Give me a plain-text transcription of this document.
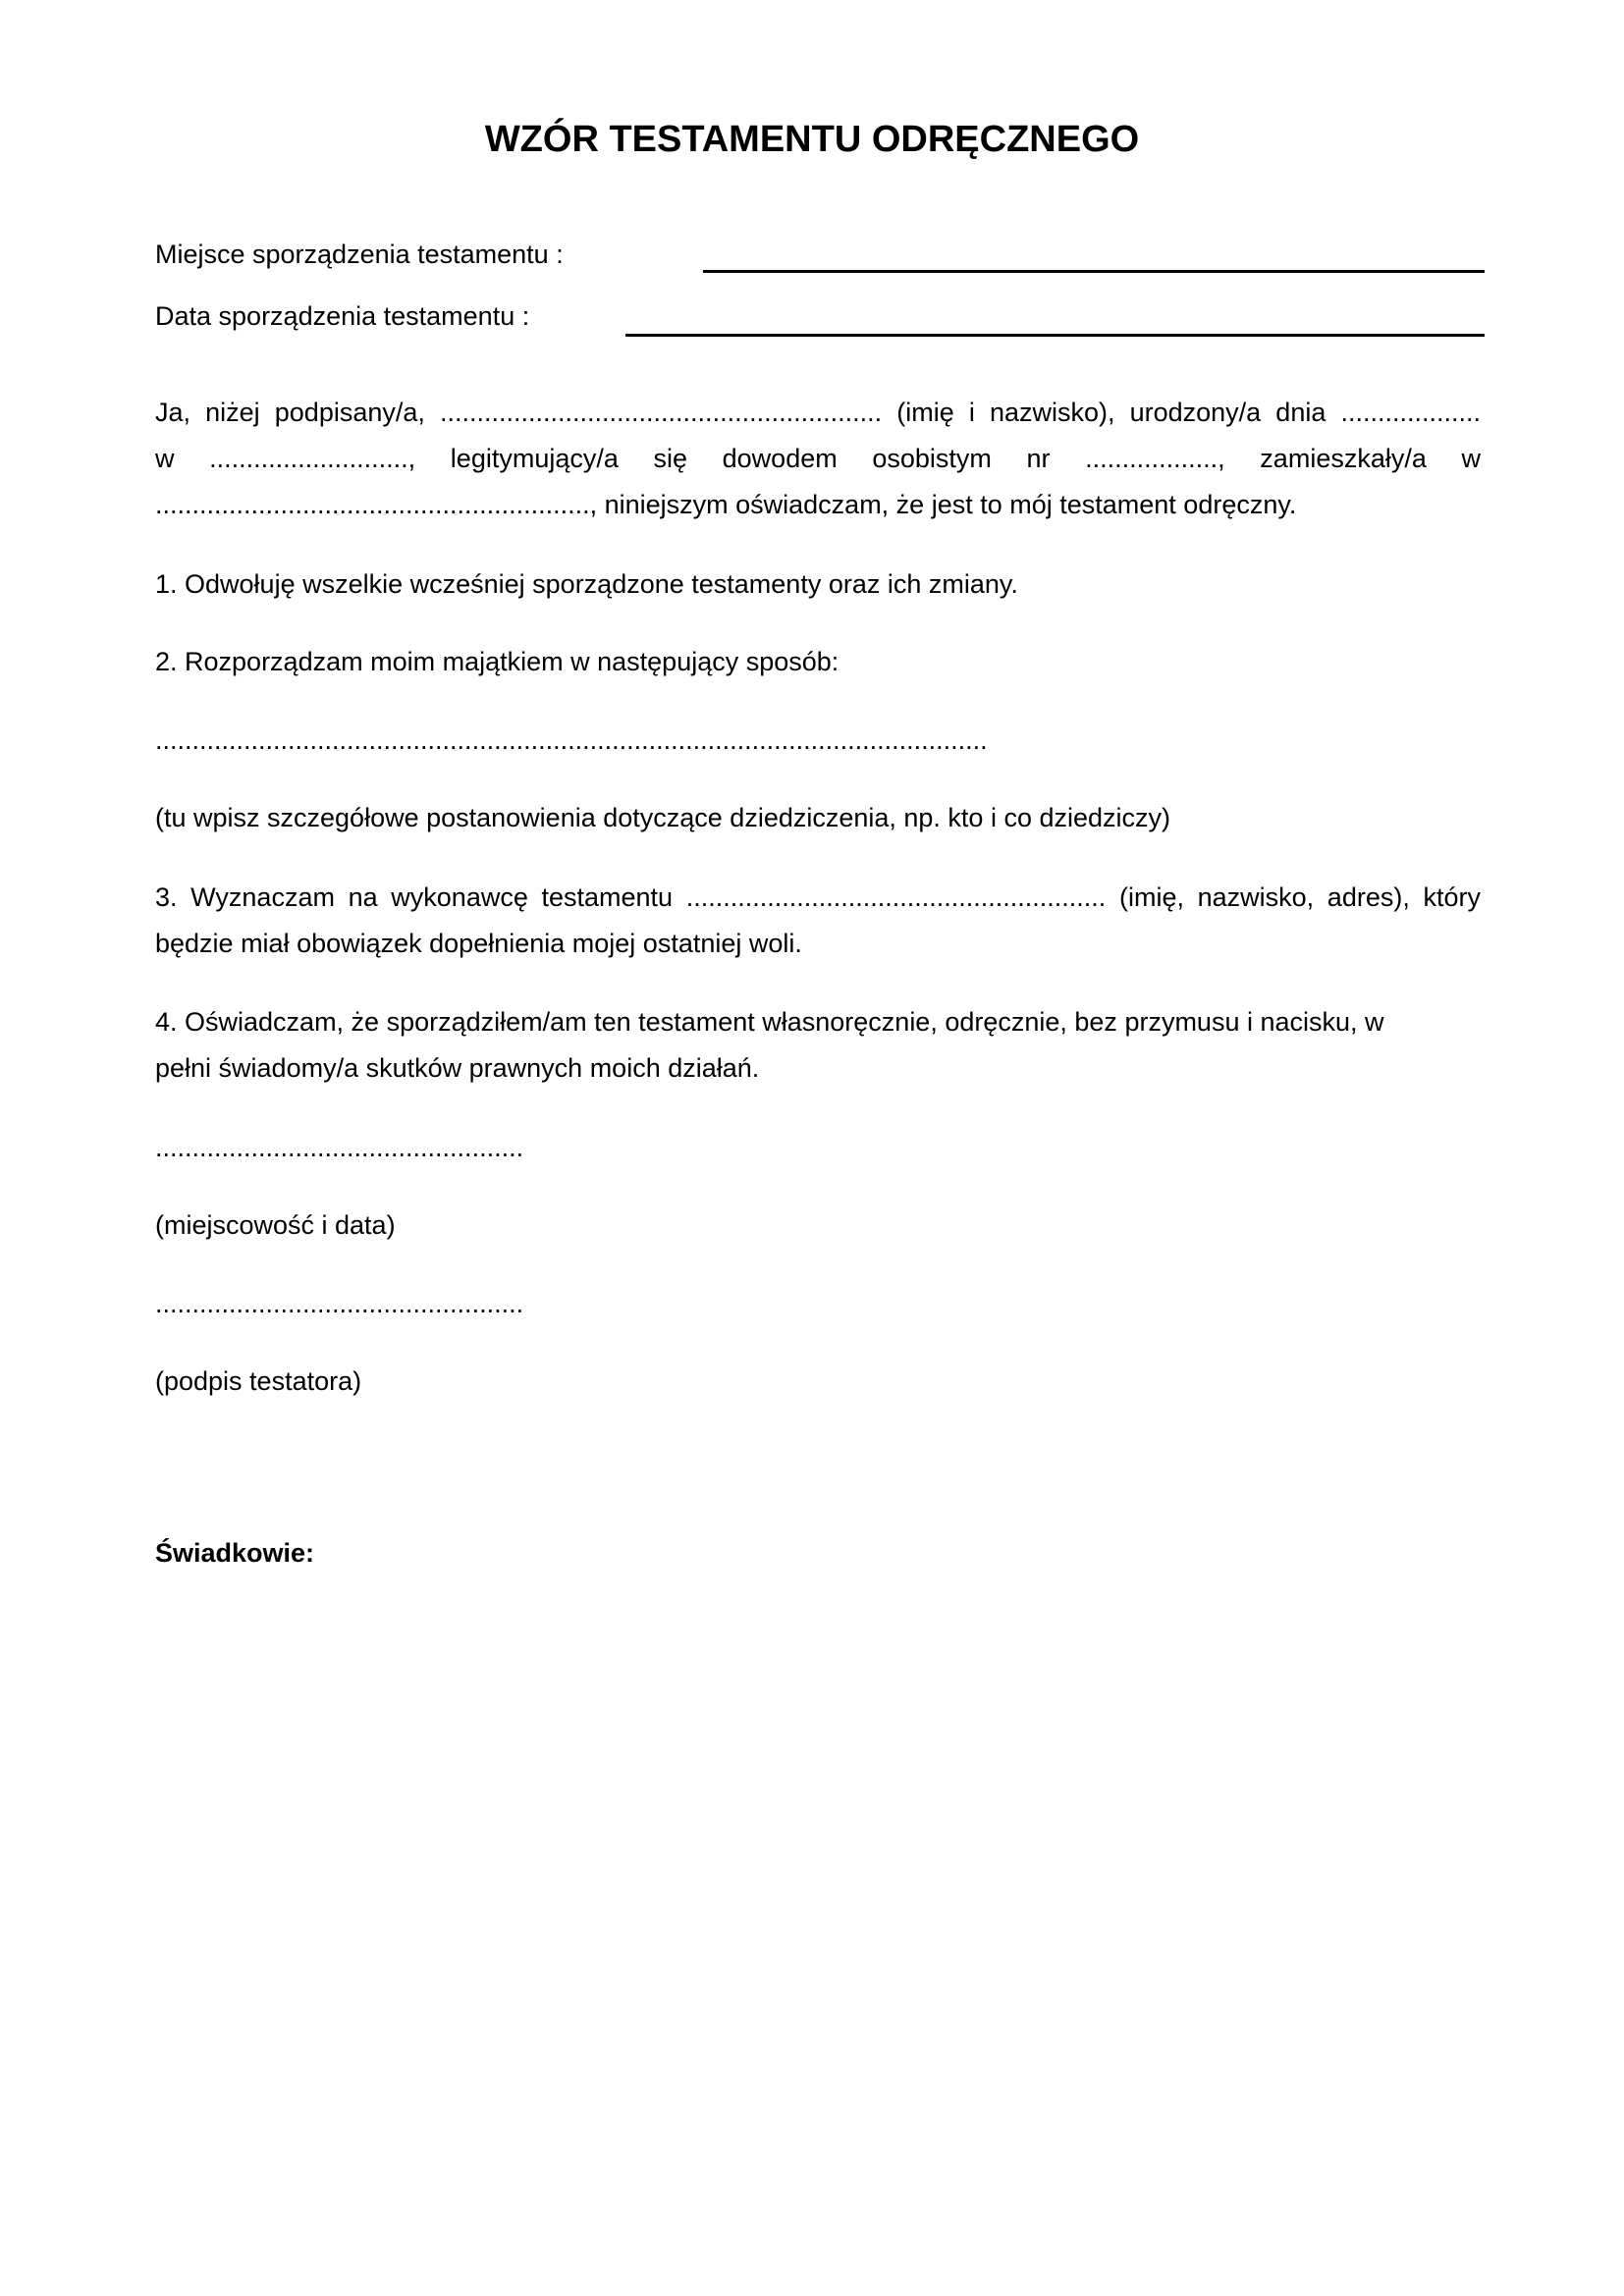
WZÓR TESTAMENTU ODRĘCZNEGO
Miejsce sporządzenia testamentu :
Data sporządzenia testamentu :
Ja, niżej podpisany/a, ............................................................ (imię i nazwisko), urodzony/a dnia ...................
w ..........................., legitymujący/a się dowodem osobistym nr .................., zamieszkały/a w
..........................................................., niniejszym oświadczam, że jest to mój testament odręczny.
1. Odwołuję wszelkie wcześniej sporządzone testamenty oraz ich zmiany.
2. Rozporządzam moim majątkiem w następujący sposób:
.................................................................................................................
(tu wpisz szczegółowe postanowienia dotyczące dziedziczenia, np. kto i co dziedziczy)
3. Wyznaczam na wykonawcę testamentu ......................................................... (imię, nazwisko, adres), który
będzie miał obowiązek dopełnienia mojej ostatniej woli.
4. Oświadczam, że sporządziłem/am ten testament własnoręcznie, odręcznie, bez przymusu i nacisku, w
pełni świadomy/a skutków prawnych moich działań.
..................................................
(miejscowość i data)
..................................................
(podpis testatora)
Świadkowie:
